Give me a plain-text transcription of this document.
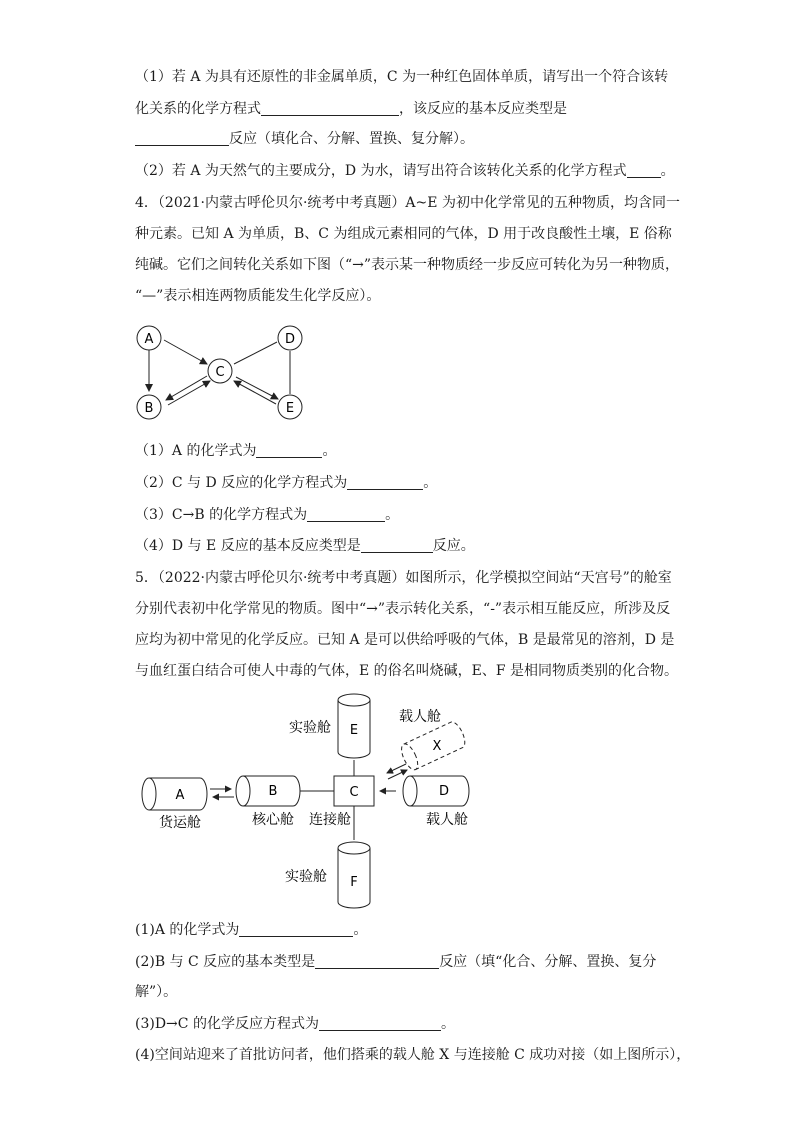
（1）若 A 为具有还原性的非金属单质，C 为一种红色固体单质，请写出一个符合该转
化关系的化学方程式	，该反应的基本反应类型是
反应（填化合、分解、置换、复分解）。
（2）若 A 为天然气的主要成分，D 为水，请写出符合该转化关系的化学方程式 。
4．（2021·内蒙古呼伦贝尔·统考中考真题）A~E 为初中化学常见的五种物质，均含同一
种元素。已知 A 为单质，B、C 为组成元素相同的气体，D 用于改良酸性土壤，E 俗称
纯碱。它们之间转化关系如下图（“→”表示某一种物质经一步反应可转化为另一种物质，
“—”表示相连两物质能发生化学反应）。
A
B
C
D
E
（1）A 的化学式为	。
（2）C 与 D 反应的化学方程式为	。
（3）C→B 的化学方程式为	。
（4）D 与 E 反应的基本反应类型是	反应。
5．（2022·内蒙古呼伦贝尔·统考中考真题）如图所示，化学模拟空间站“天宫号”的舱室
分别代表初中化学常见的物质。图中“→”表示转化关系，“-”表示相互能反应，所涉及反
应均为初中常见的化学反应。已知 A 是可以供给呼吸的气体，B 是最常见的溶剂，D 是
与血红蛋白结合可使人中毒的气体，E 的俗名叫烧碱，E、F 是相同物质类别的化合物。
E
实验舱
载人舱
X
C
连接舱
B
核心舱
A
货运舱
D
载人舱
F
实验舱
(1)A 的化学式为	。
(2)B 与 C 反应的基本类型是	反应（填“化合、分解、置换、复分
解”）。
(3)D→C 的化学反应方程式为	。
(4)空间站迎来了首批访问者，他们搭乘的载人舱 X 与连接舱 C 成功对接（如上图所示），
